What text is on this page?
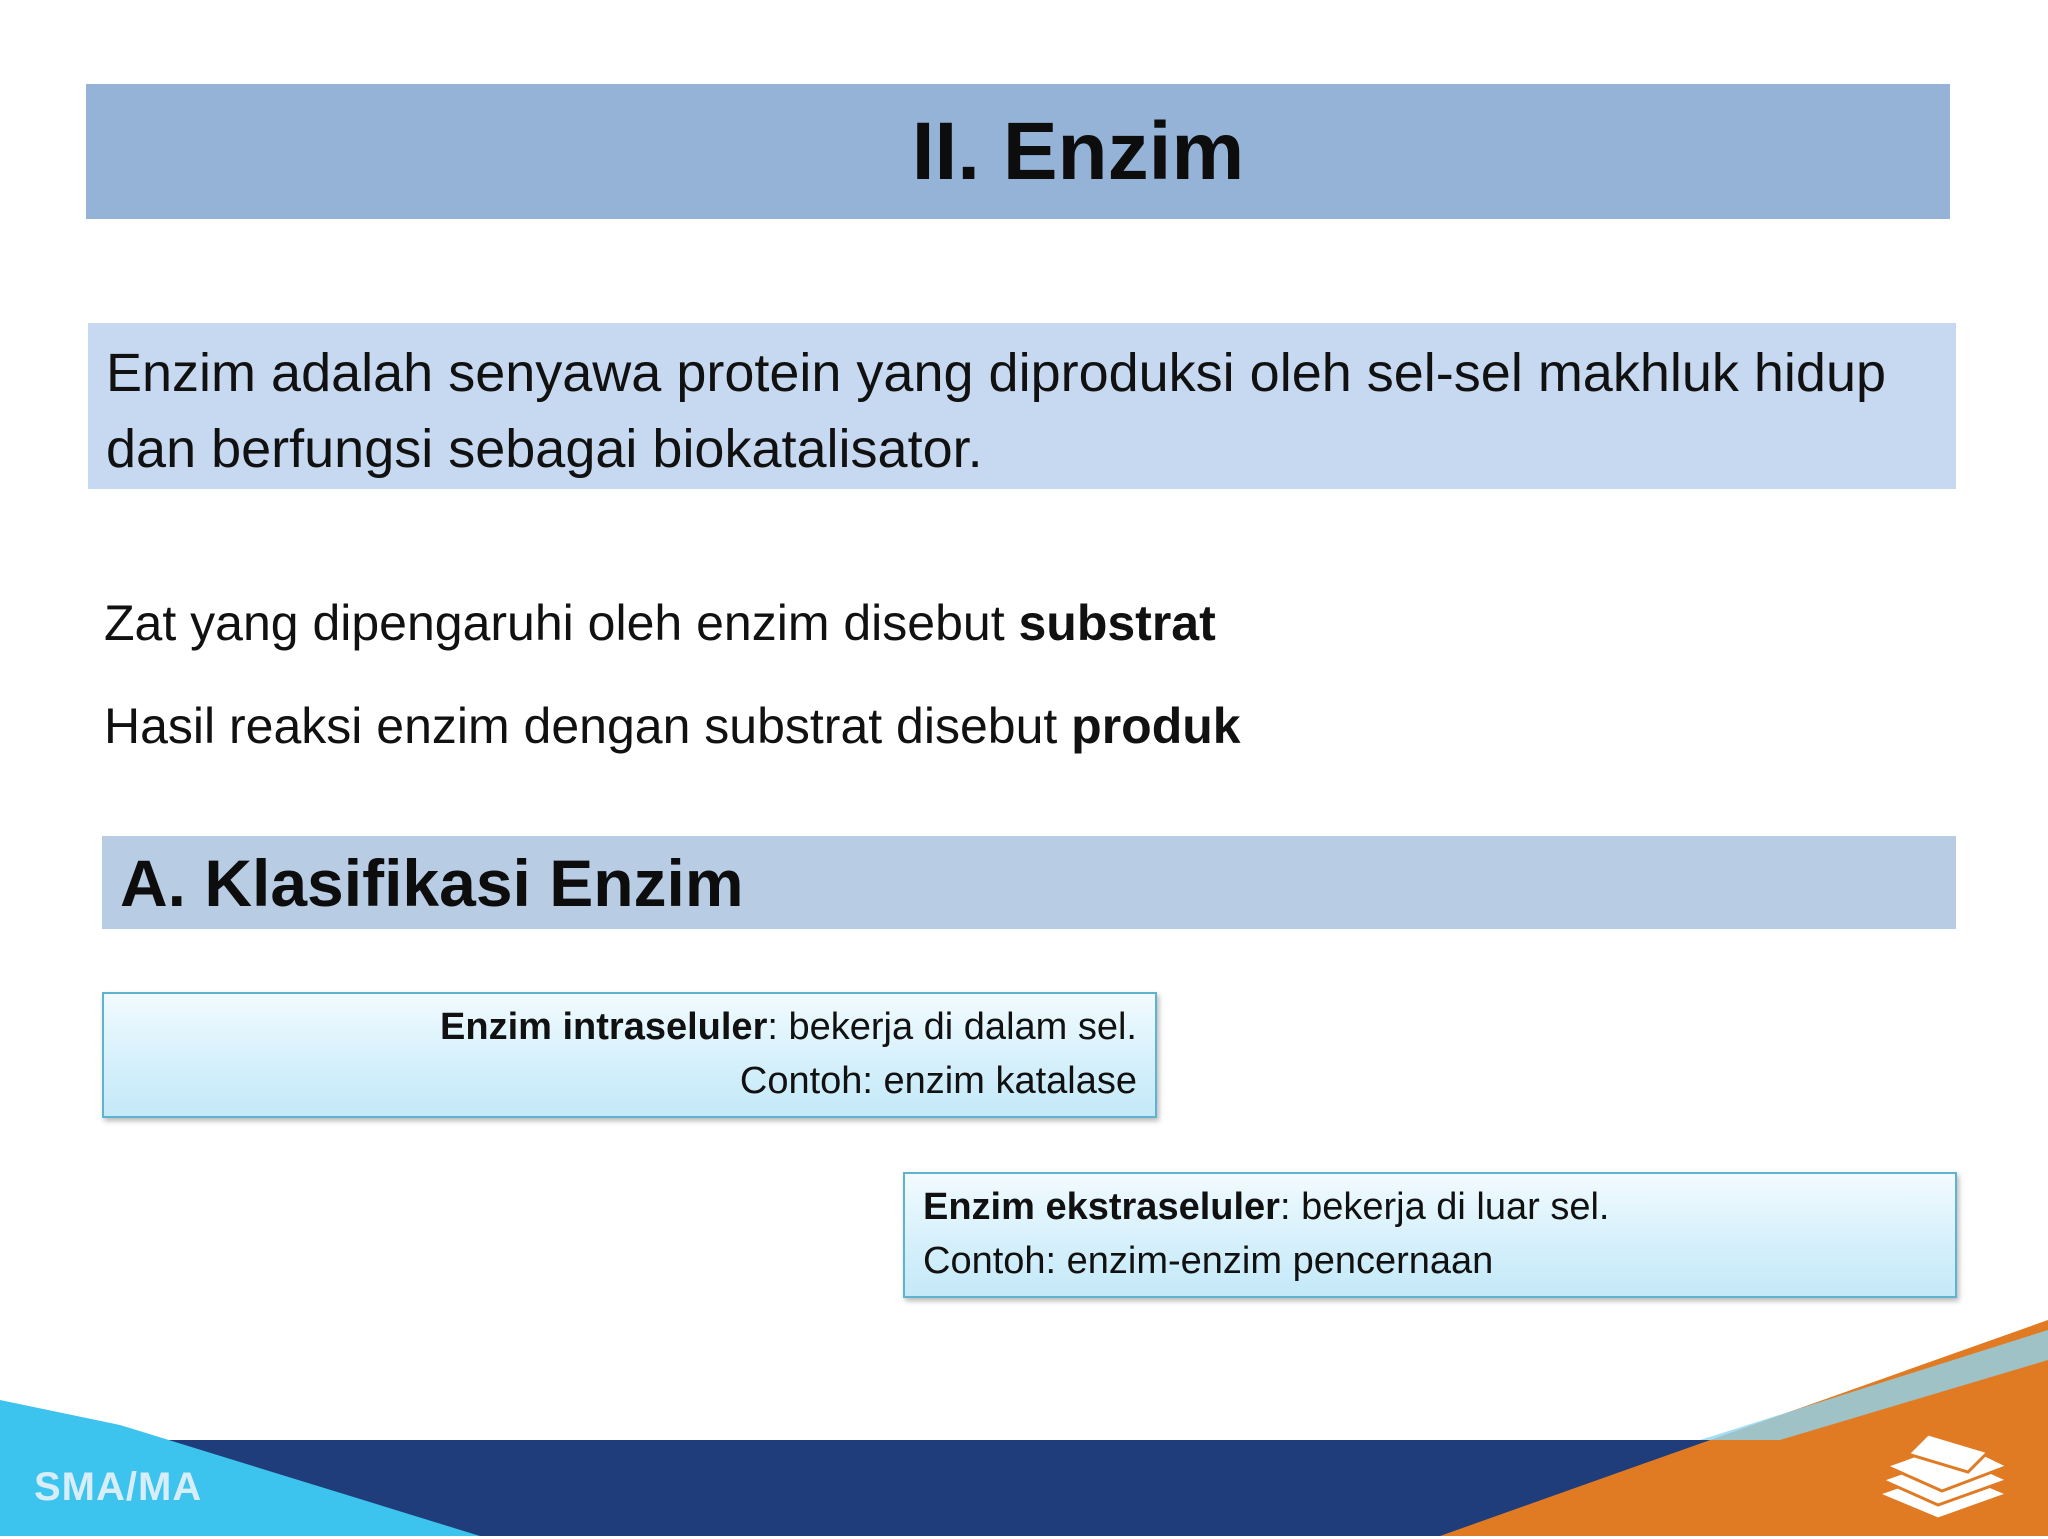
II. Enzim
Enzim adalah senyawa protein yang diproduksi oleh sel-sel makhluk hidup dan berfungsi sebagai biokatalisator.
Zat yang dipengaruhi oleh enzim disebut substrat
Hasil reaksi enzim dengan substrat disebut produk
A. Klasifikasi Enzim
Enzim intraseluler: bekerja di dalam sel.
Contoh: enzim katalase
Enzim ekstraseluler: bekerja di luar sel.
Contoh: enzim-enzim pencernaan
SMA/MA
